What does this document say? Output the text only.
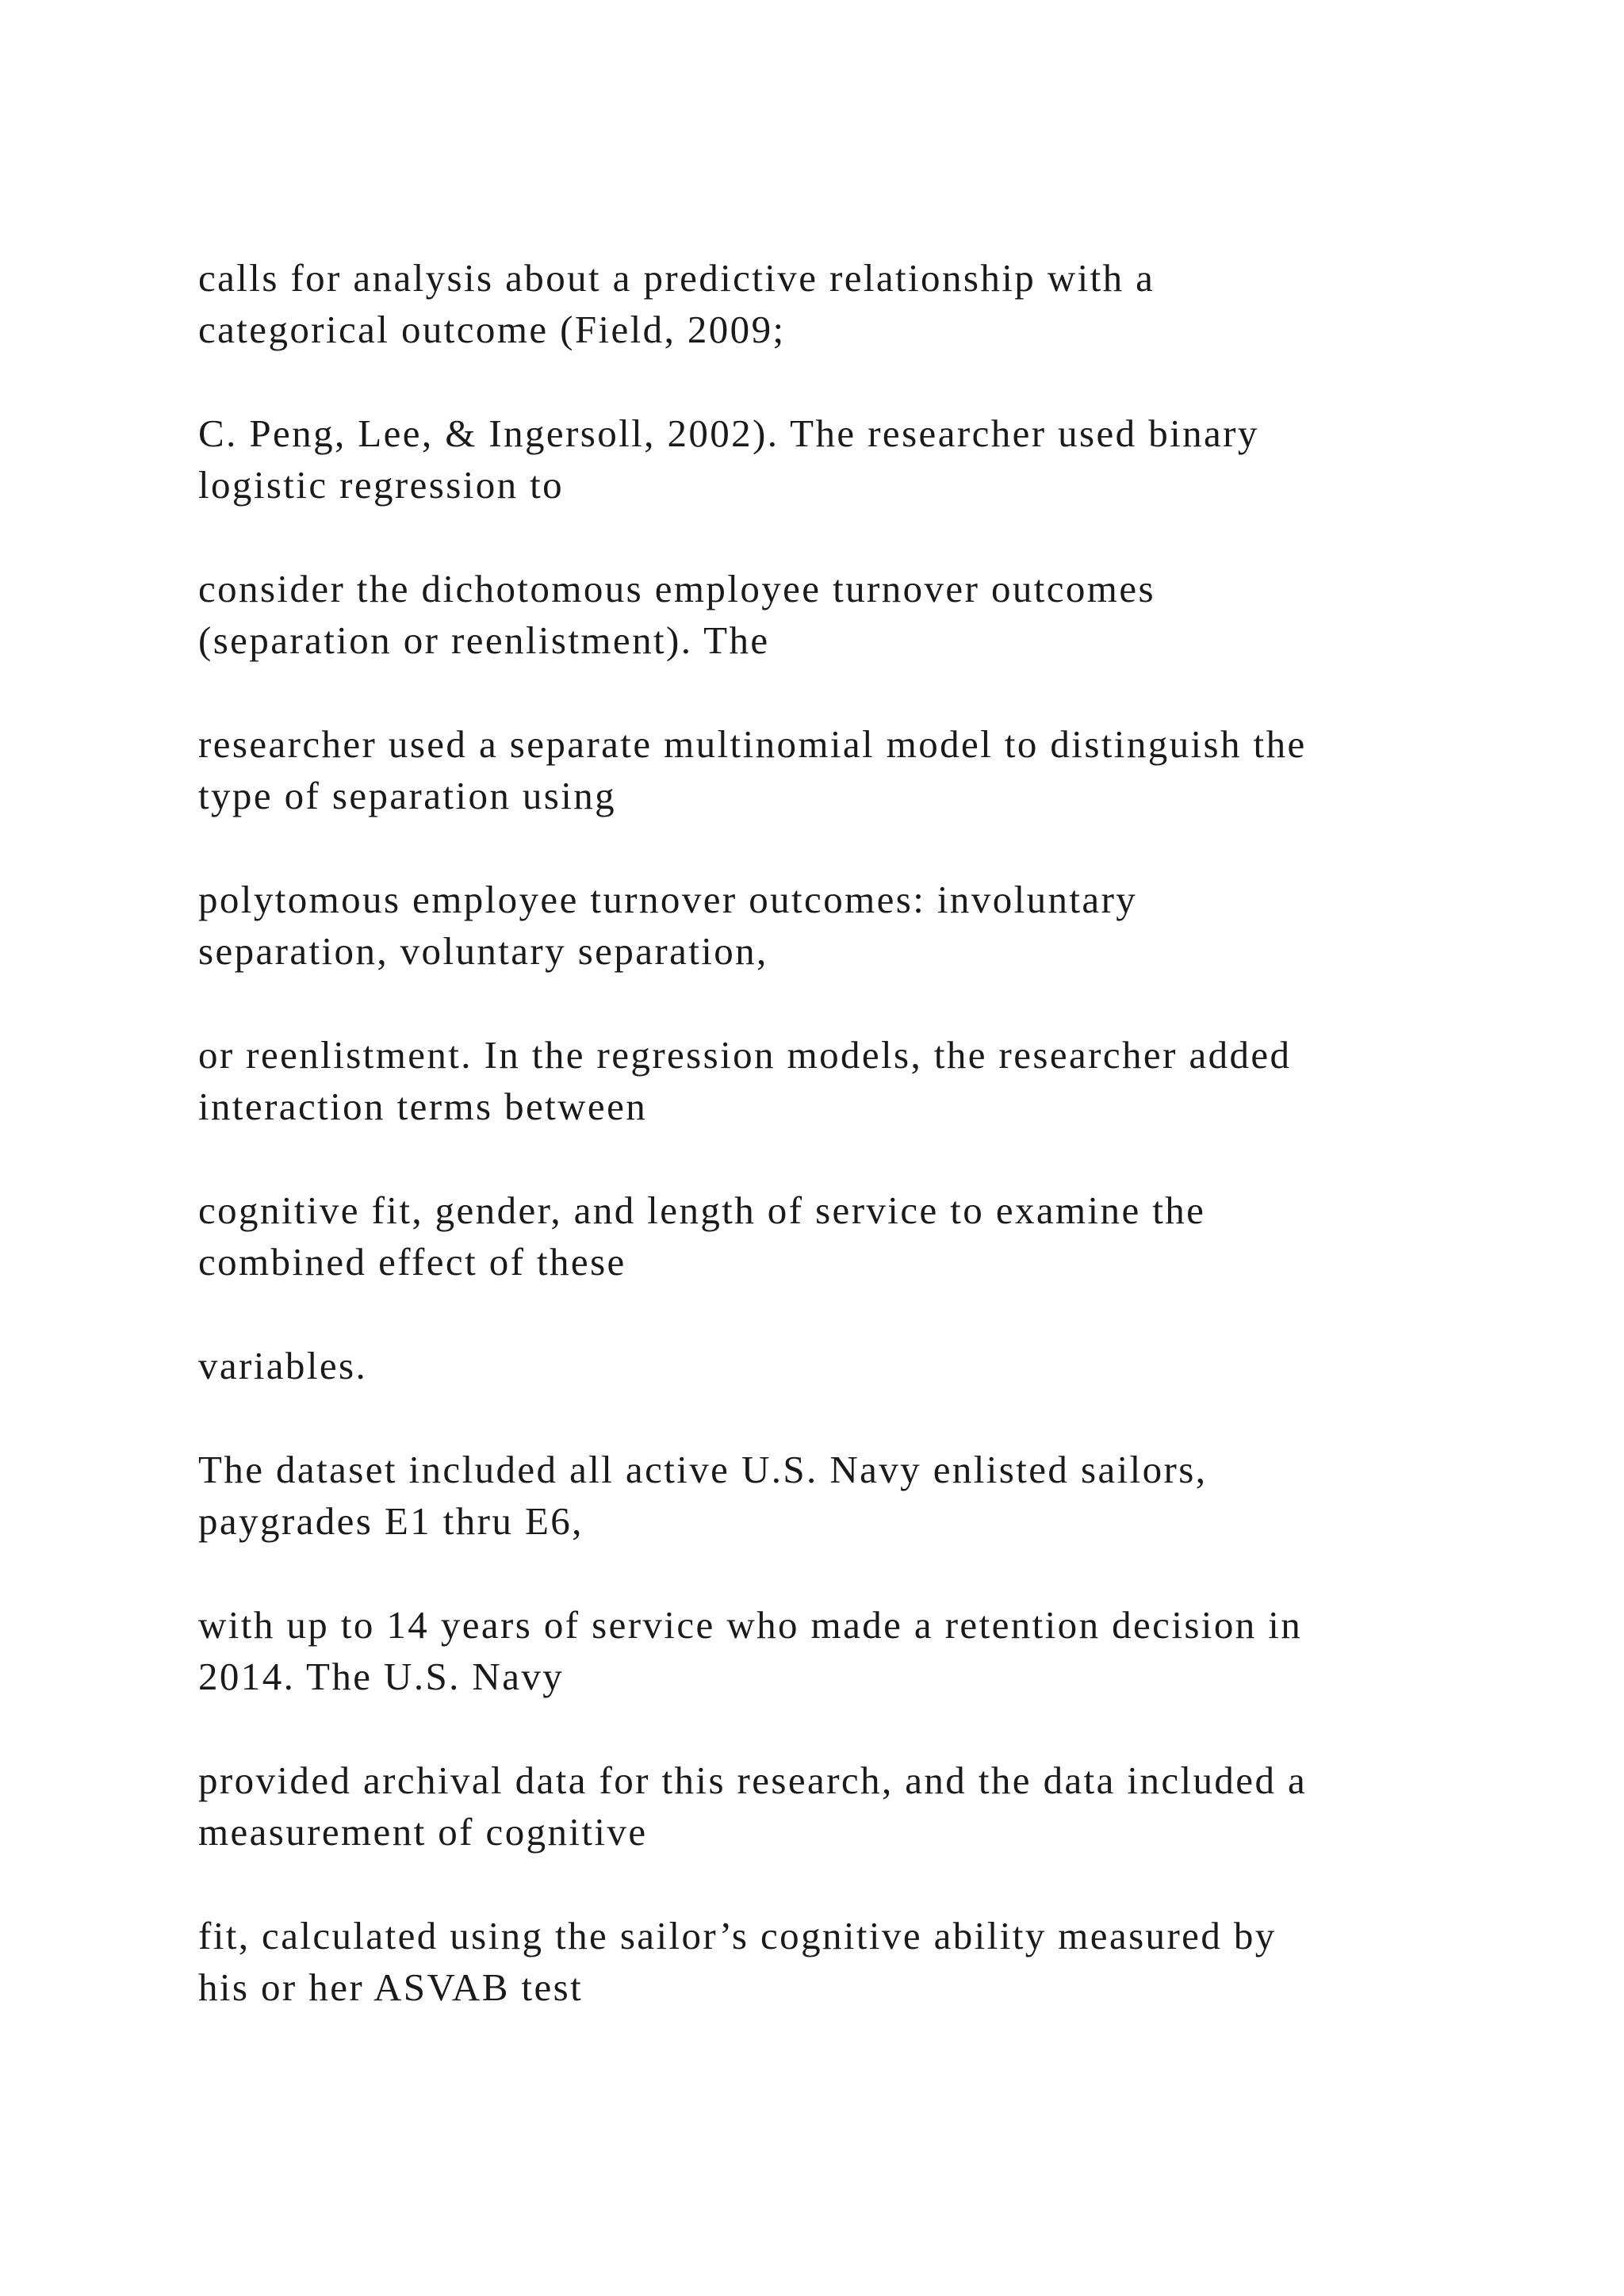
calls for analysis about a predictive relationship with a
categorical outcome (Field, 2009;

C. Peng, Lee, & Ingersoll, 2002). The researcher used binary
logistic regression to

consider the dichotomous employee turnover outcomes
(separation or reenlistment). The

researcher used a separate multinomial model to distinguish the
type of separation using

polytomous employee turnover outcomes: involuntary
separation, voluntary separation,

or reenlistment. In the regression models, the researcher added
interaction terms between

cognitive fit, gender, and length of service to examine the
combined effect of these

variables.

The dataset included all active U.S. Navy enlisted sailors,
paygrades E1 thru E6,

with up to 14 years of service who made a retention decision in
2014. The U.S. Navy

provided archival data for this research, and the data included a
measurement of cognitive

fit, calculated using the sailor’s cognitive ability measured by
his or her ASVAB test
